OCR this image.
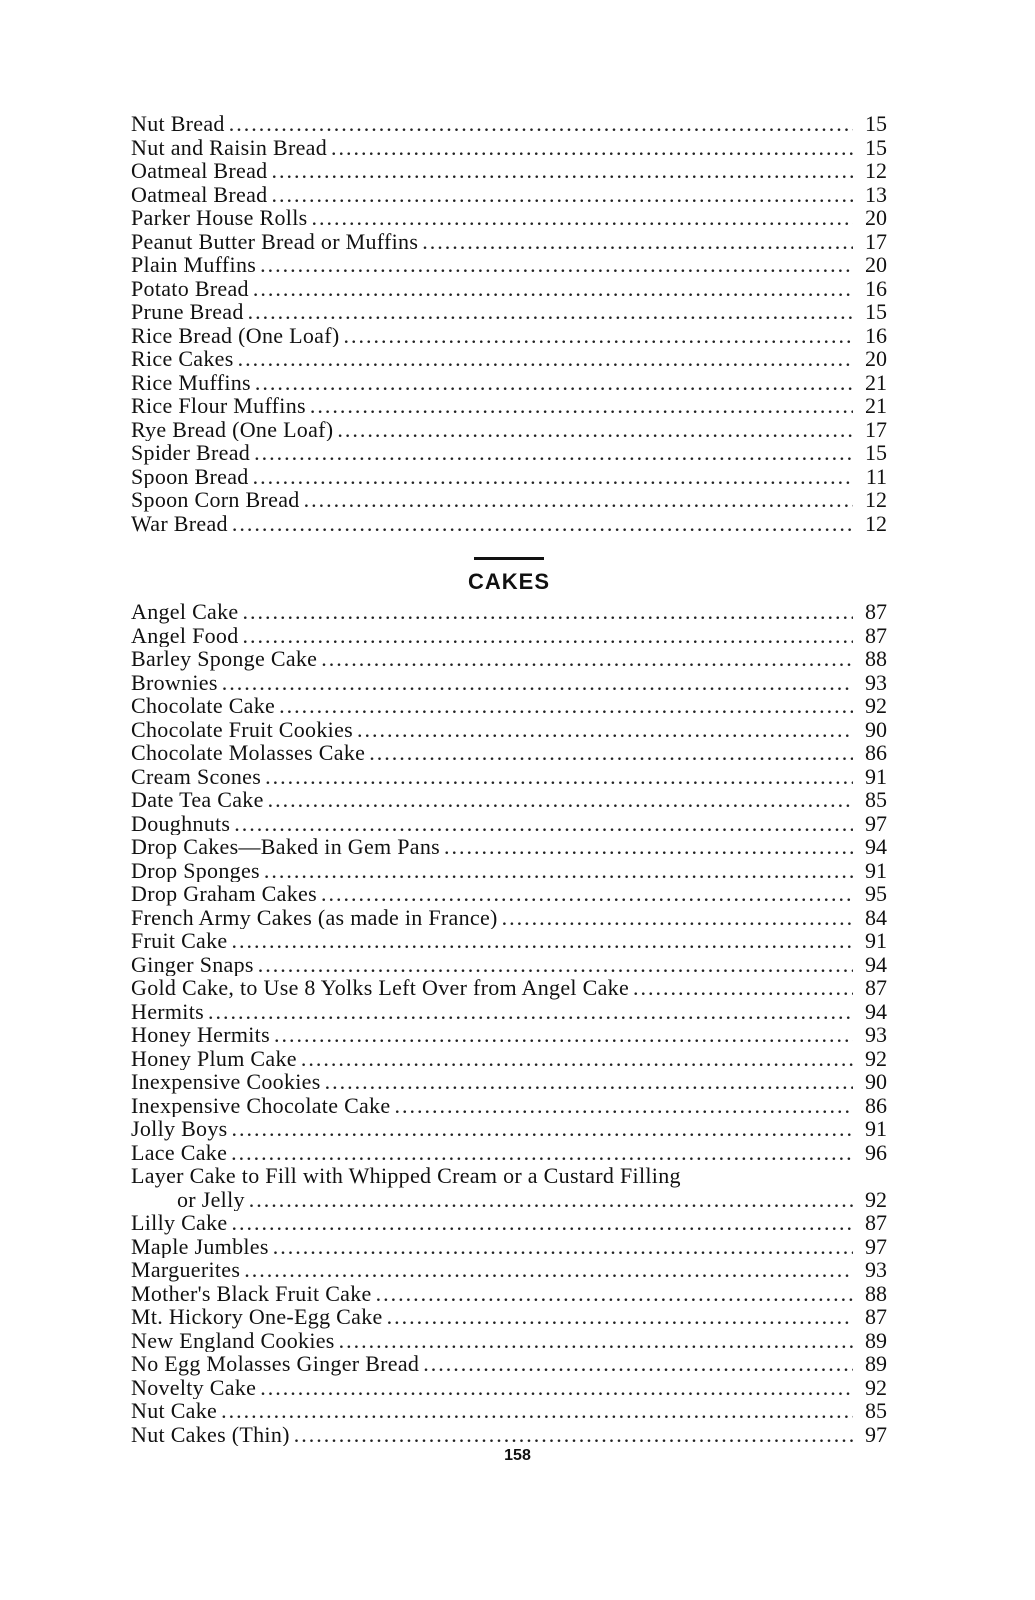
Nut Bread .....	15
Nut and Raisin Bread .....	15
Oatmeal Bread .....	12
Oatmeal Bread .....	13
Parker House Rolls .....	20
Peanut Butter Bread or Muffins .....	17
Plain Muffins .....	20
Potato Bread .....	16
Prune Bread .....	15
Rice Bread (One Loaf) .....	16
Rice Cakes .....	20
Rice Muffins .....	21
Rice Flour Muffins .....	21
Rye Bread (One Loaf) .....	17
Spider Bread .....	15
Spoon Bread .....	11
Spoon Corn Bread .....	12
War Bread .....	12
CAKES
Angel Cake .....	87
Angel Food .....	87
Barley Sponge Cake .....	88
Brownies .....	93
Chocolate Cake .....	92
Chocolate Fruit Cookies .....	90
Chocolate Molasses Cake .....	86
Cream Scones .....	91
Date Tea Cake .....	85
Doughnuts .....	97
Drop Cakes—Baked in Gem Pans .....	94
Drop Sponges .....	91
Drop Graham Cakes .....	95
French Army Cakes (as made in France) .....	84
Fruit Cake .....	91
Ginger Snaps .....	94
Gold Cake, to Use 8 Yolks Left Over from Angel Cake .....	87
Hermits .....	94
Honey Hermits .....	93
Honey Plum Cake .....	92
Inexpensive Cookies .....	90
Inexpensive Chocolate Cake .....	86
Jolly Boys .....	91
Lace Cake .....	96
Layer Cake to Fill with Whipped Cream or a Custard Filling
or Jelly .....	92
Lilly Cake .....	87
Maple Jumbles .....	97
Marguerites .....	93
Mother's Black Fruit Cake .....	88
Mt. Hickory One-Egg Cake .....	87
New England Cookies .....	89
No Egg Molasses Ginger Bread .....	89
Novelty Cake .....	92
Nut Cake .....	85
Nut Cakes (Thin) .....	97
158
